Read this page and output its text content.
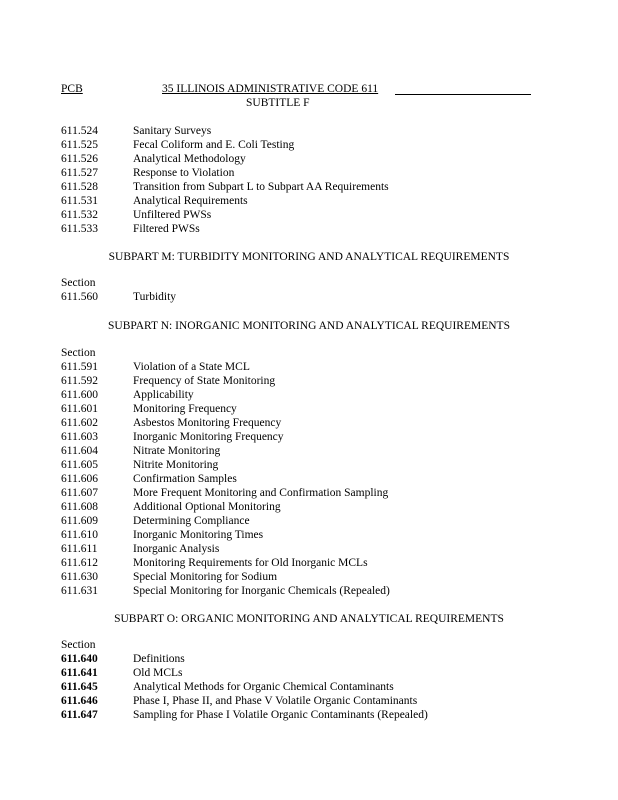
PCB	35 ILLINOIS ADMINISTRATIVE CODE 611
SUBTITLE F
611.524	Sanitary Surveys
611.525	Fecal Coliform and E. Coli Testing
611.526	Analytical Methodology
611.527	Response to Violation
611.528	Transition from Subpart L to Subpart AA Requirements
611.531	Analytical Requirements
611.532	Unfiltered PWSs
611.533	Filtered PWSs
SUBPART M: TURBIDITY MONITORING AND ANALYTICAL REQUIREMENTS
Section
611.560	Turbidity
SUBPART N: INORGANIC MONITORING AND ANALYTICAL REQUIREMENTS
Section
611.591	Violation of a State MCL
611.592	Frequency of State Monitoring
611.600	Applicability
611.601	Monitoring Frequency
611.602	Asbestos Monitoring Frequency
611.603	Inorganic Monitoring Frequency
611.604	Nitrate Monitoring
611.605	Nitrite Monitoring
611.606	Confirmation Samples
611.607	More Frequent Monitoring and Confirmation Sampling
611.608	Additional Optional Monitoring
611.609	Determining Compliance
611.610	Inorganic Monitoring Times
611.611	Inorganic Analysis
611.612	Monitoring Requirements for Old Inorganic MCLs
611.630	Special Monitoring for Sodium
611.631	Special Monitoring for Inorganic Chemicals (Repealed)
SUBPART O: ORGANIC MONITORING AND ANALYTICAL REQUIREMENTS
Section
611.640	Definitions
611.641	Old MCLs
611.645	Analytical Methods for Organic Chemical Contaminants
611.646	Phase I, Phase II, and Phase V Volatile Organic Contaminants
611.647	Sampling for Phase I Volatile Organic Contaminants (Repealed)
